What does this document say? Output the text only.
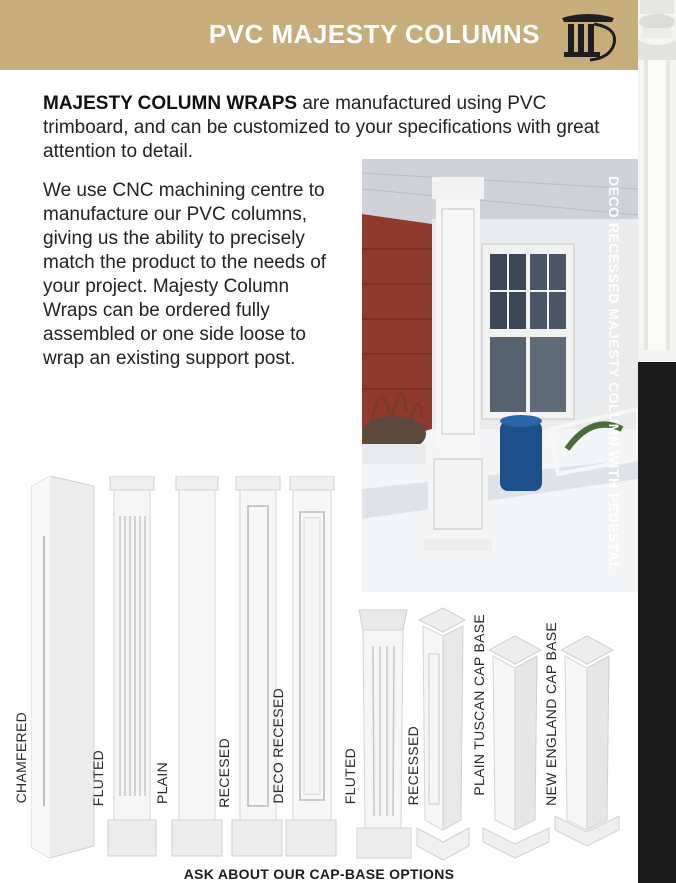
PVC MAJESTY COLUMNS
MAJESTY COLUMN WRAPS are manufactured using PVC trimboard, and can be customized to your specifications with great attention to detail.
We use CNC machining centre to manufacture our PVC columns, giving us the ability to precisely match the product to the needs of your project. Majesty Column Wraps can be ordered fully assembled or one side loose to wrap an existing support post.	DECO RECESSED MAJESTY COLUMN WITH PEDESTAL
CHAMFERED	FLUTED	PLAIN	RECESED	DECO RECESED	FLUTED	RECESSED	PLAIN TUSCAN CAP BASE	NEW ENGLAND CAP BASE
ASK ABOUT OUR CAP-BASE OPTIONS
